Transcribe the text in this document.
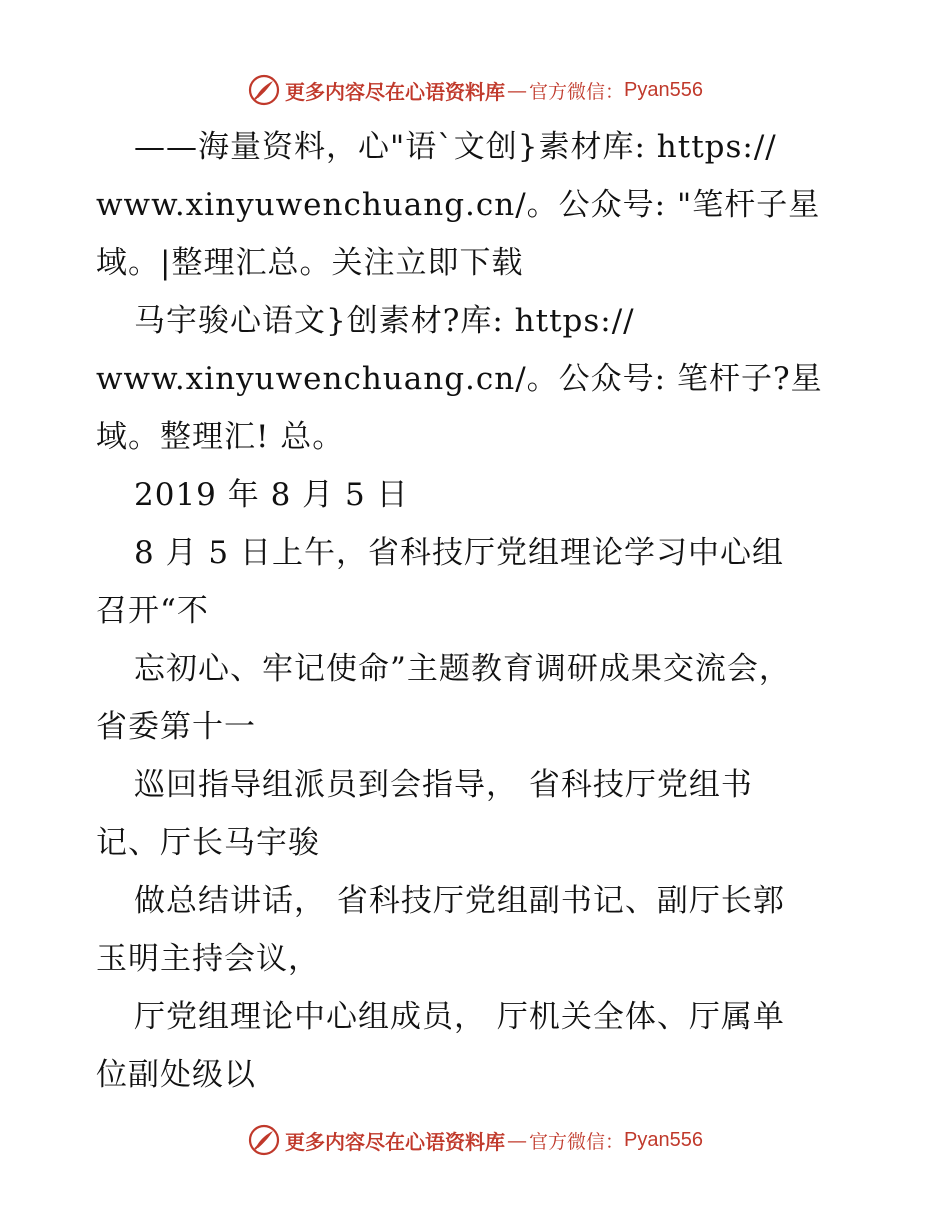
更多内容尽在心语资料库 — 官方微信： Pyan556
——海量资料，心"语`文创}素材库: https://
www.xinyuwenchuang.cn/。公众号: "笔杆子星
域。|整理汇总。关注立即下载
马宇骏心语文}创素材?库: https://
www.xinyuwenchuang.cn/。公众号: 笔杆子?星
域。整理汇! 总。
2019 年 8 月 5 日
8 月 5 日上午，省科技厅党组理论学习中心组
召开“不
忘初心、牢记使命”主题教育调研成果交流会，
省委第十一
巡回指导组派员到会指导， 省科技厅党组书
记、厅长马宇骏
做总结讲话， 省科技厅党组副书记、副厅长郭
玉明主持会议，
厅党组理论中心组成员， 厅机关全体、厅属单
位副处级以
更多内容尽在心语资料库 — 官方微信： Pyan556
